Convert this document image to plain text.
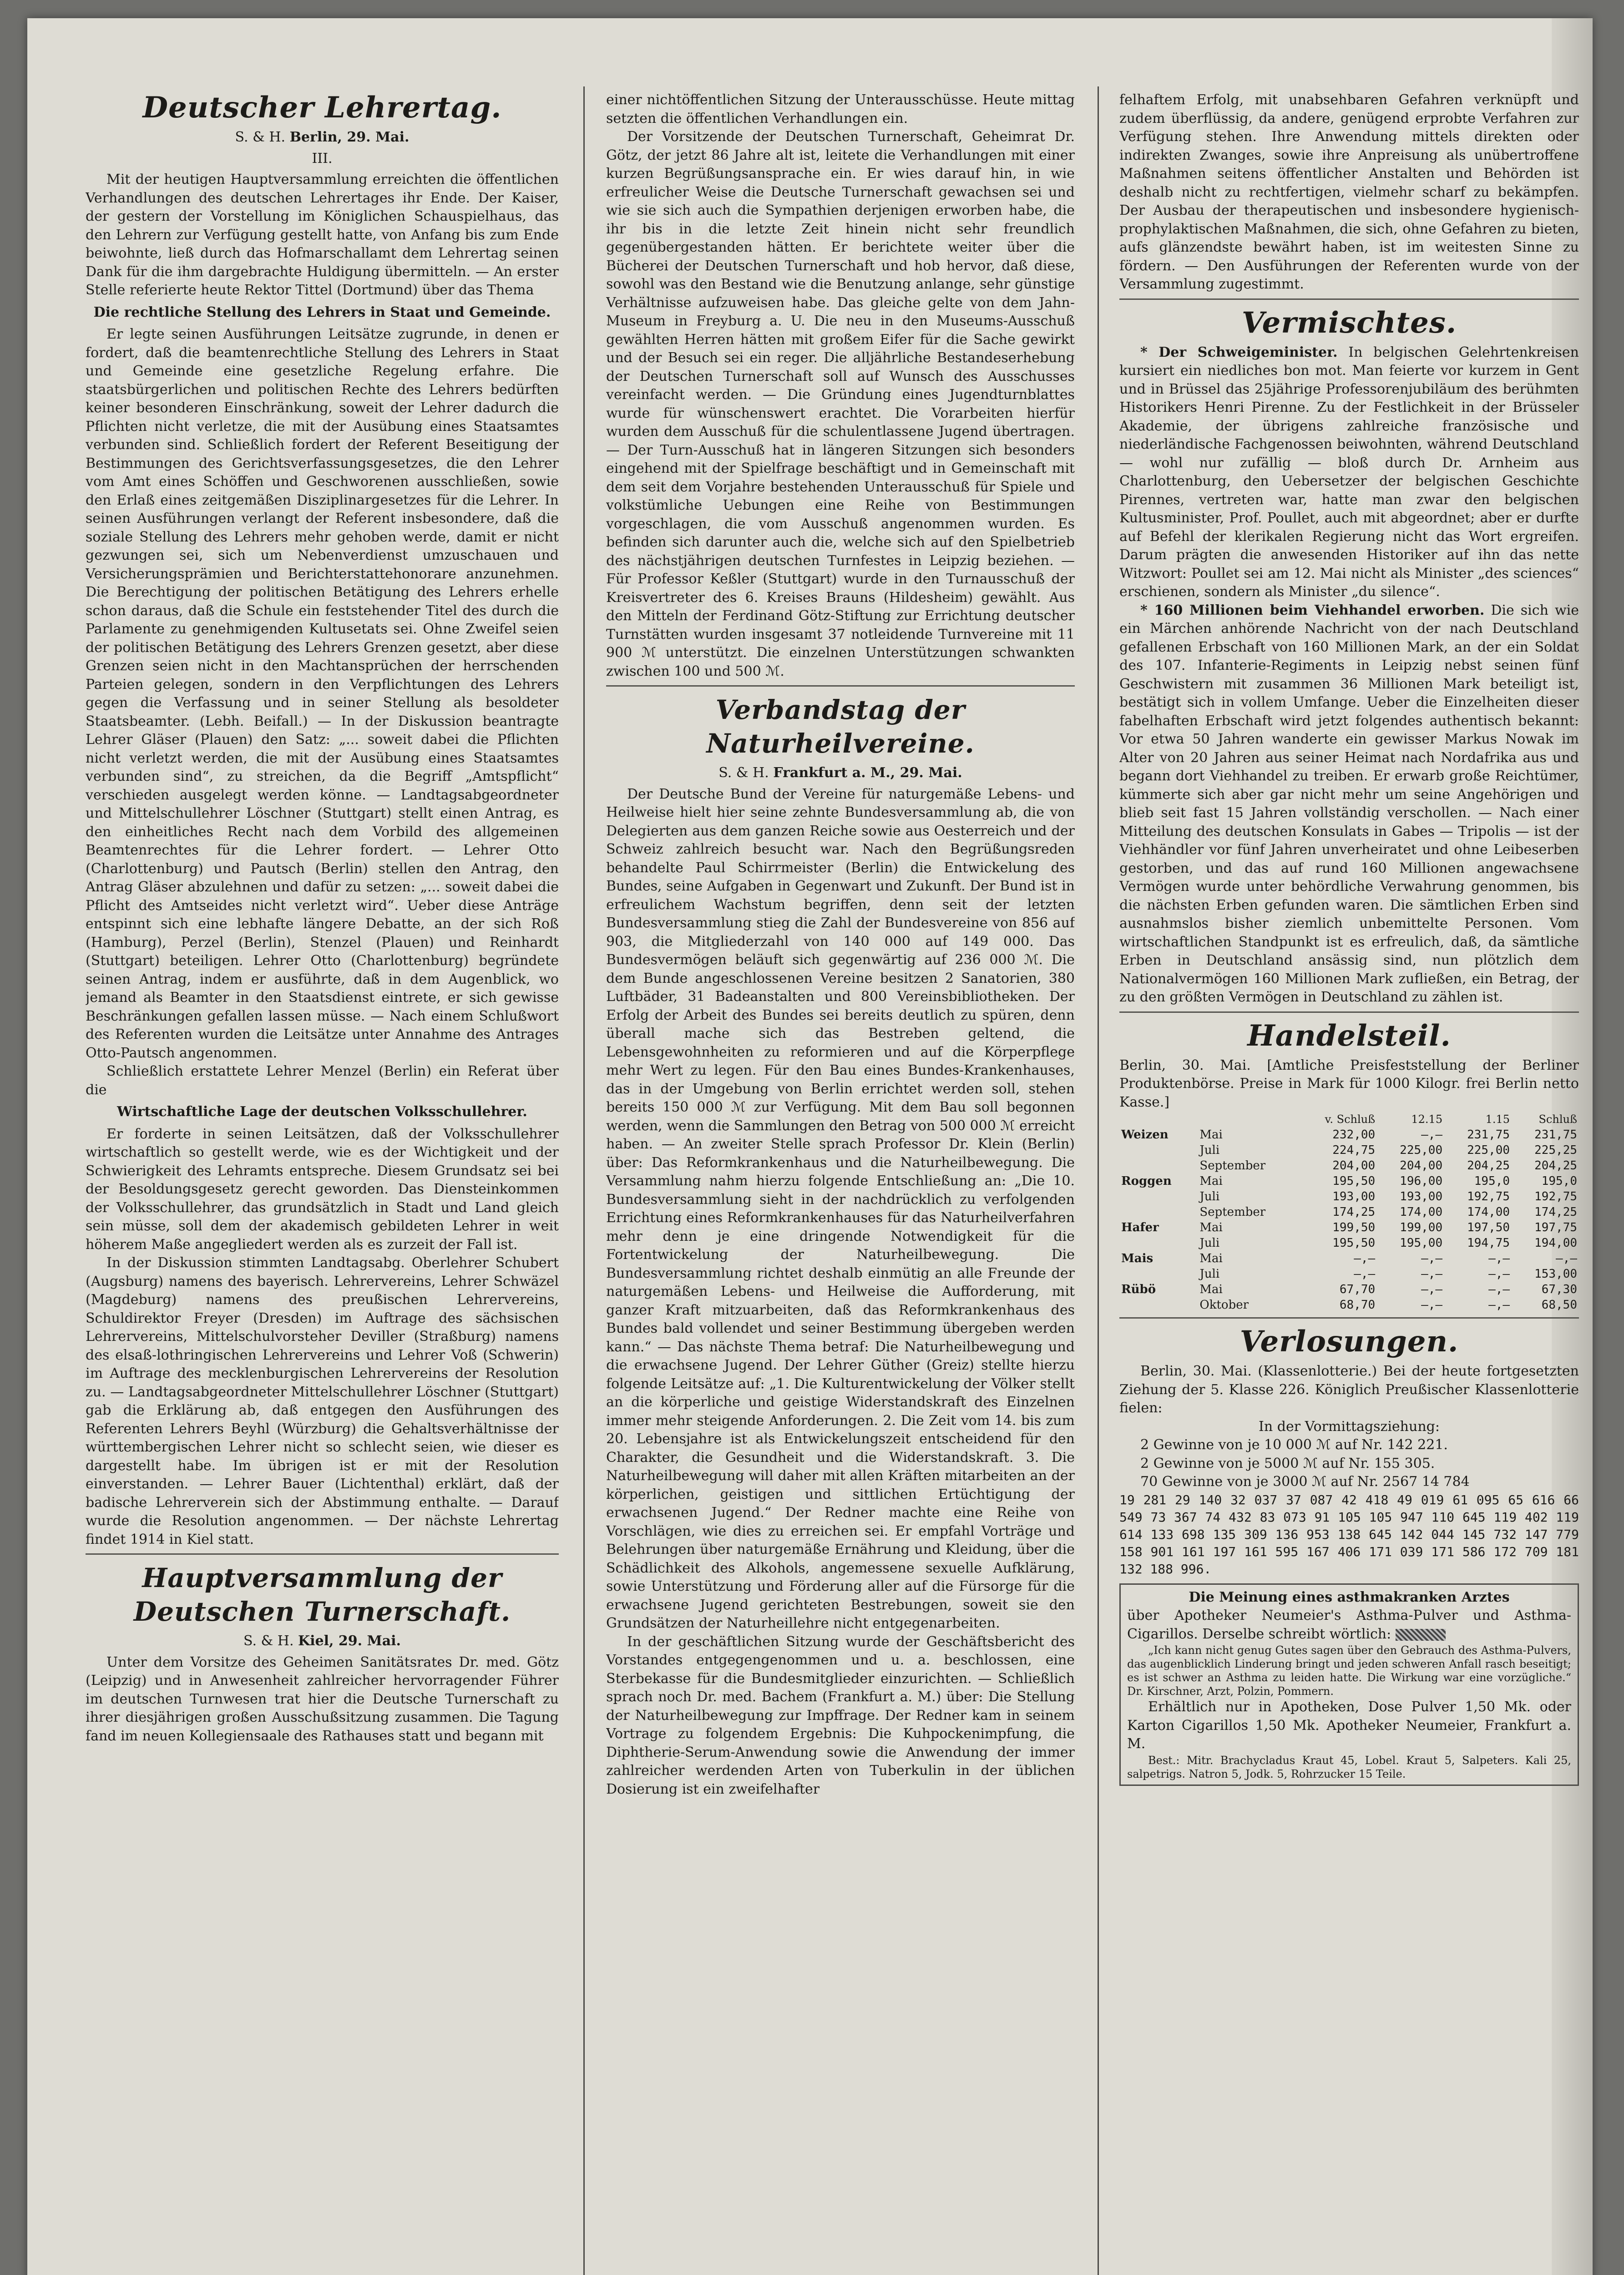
Deutscher Lehrertag.
S. & H. Berlin, 29. Mai.
III.

Mit der heutigen Hauptversammlung erreichten die öffentlichen Verhandlungen des deutschen Lehrertages ihr Ende. Der Kaiser, der gestern der Vorstellung im Königlichen Schauspielhaus, das den Lehrern zur Verfügung gestellt hatte, von Anfang bis zum Ende beiwohnte, ließ durch das Hofmarschallamt dem Lehrertag seinen Dank für die ihm dargebrachte Huldigung übermitteln. — An erster Stelle referierte heute Rektor Tittel (Dortmund) über das Thema

Die rechtliche Stellung des Lehrers in Staat und Gemeinde.

Er legte seinen Ausführungen Leitsätze zugrunde, in denen er fordert, daß die beamtenrechtliche Stellung des Lehrers in Staat und Gemeinde eine gesetzliche Regelung erfahre. Die staatsbürgerlichen und politischen Rechte des Lehrers bedürften keiner besonderen Einschränkung, soweit der Lehrer dadurch die Pflichten nicht verletze, die mit der Ausübung eines Staatsamtes verbunden sind. Schließlich fordert der Referent Beseitigung der Bestimmungen des Gerichtsverfassungsgesetzes, die den Lehrer vom Amt eines Schöffen und Geschworenen ausschließen, sowie den Erlaß eines zeitgemäßen Disziplinargesetzes für die Lehrer. In seinen Ausführungen verlangt der Referent insbesondere, daß die soziale Stellung des Lehrers mehr gehoben werde, damit er nicht gezwungen sei, sich um Nebenverdienst umzuschauen und Versicherungsprämien und Berichterstattehonorare anzunehmen. Die Berechtigung der politischen Betätigung des Lehrers erhelle schon daraus, daß die Schule ein feststehender Titel des durch die Parlamente zu genehmigenden Kultusetats sei. Ohne Zweifel seien der politischen Betätigung des Lehrers Grenzen gesetzt, aber diese Grenzen seien nicht in den Machtansprüchen der herrschenden Parteien gelegen, sondern in den Verpflichtungen des Lehrers gegen die Verfassung und in seiner Stellung als besoldeter Staatsbeamter. (Lebh. Beifall.) — In der Diskussion beantragte Lehrer Gläser (Plauen) den Satz: „... soweit dabei die Pflichten nicht verletzt werden, die mit der Ausübung eines Staatsamtes verbunden sind“, zu streichen, da die Begriff „Amtspflicht“ verschieden ausgelegt werden könne. — Landtagsabgeordneter und Mittelschullehrer Löschner (Stuttgart) stellt einen Antrag, es den einheitliches Recht nach dem Vorbild des allgemeinen Beamtenrechtes für die Lehrer fordert. — Lehrer Otto (Charlottenburg) und Pautsch (Berlin) stellen den Antrag, den Antrag Gläser abzulehnen und dafür zu setzen: „... soweit dabei die Pflicht des Amtseides nicht verletzt wird“. Ueber diese Anträge entspinnt sich eine lebhafte längere Debatte, an der sich Roß (Hamburg), Perzel (Berlin), Stenzel (Plauen) und Reinhardt (Stuttgart) beteiligen. Lehrer Otto (Charlottenburg) begründete seinen Antrag, indem er ausführte, daß in dem Augenblick, wo jemand als Beamter in den Staatsdienst eintrete, er sich gewisse Beschränkungen gefallen lassen müsse. — Nach einem Schlußwort des Referenten wurden die Leitsätze unter Annahme des Antrages Otto-Pautsch angenommen.

Schließlich erstattete Lehrer Menzel (Berlin) ein Referat über die

Wirtschaftliche Lage der deutschen Volksschullehrer.

Er forderte in seinen Leitsätzen, daß der Volksschullehrer wirtschaftlich so gestellt werde, wie es der Wichtigkeit und der Schwierigkeit des Lehramts entspreche. Diesem Grundsatz sei bei der Besoldungsgesetz gerecht geworden. Das Diensteinkommen der Volksschullehrer, das grundsätzlich in Stadt und Land gleich sein müsse, soll dem der akademisch gebildeten Lehrer in weit höherem Maße angegliedert werden als es zurzeit der Fall ist.

In der Diskussion stimmten Landtagsabg. Oberlehrer Schubert (Augsburg) namens des bayerisch. Lehrervereins, Lehrer Schwäzel (Magdeburg) namens des preußischen Lehrervereins, Schuldirektor Freyer (Dresden) im Auftrage des sächsischen Lehrervereins, Mittelschulvorsteher Deviller (Straßburg) namens des elsaß-lothringischen Lehrervereins und Lehrer Voß (Schwerin) im Auftrage des mecklenburgischen Lehrervereins der Resolution zu. — Landtagsabgeordneter Mittelschullehrer Löschner (Stuttgart) gab die Erklärung ab, daß entgegen den Ausführungen des Referenten Lehrers Beyhl (Würzburg) die Gehaltsverhältnisse der württembergischen Lehrer nicht so schlecht seien, wie dieser es dargestellt habe. Im übrigen ist er mit der Resolution einverstanden. — Lehrer Bauer (Lichtenthal) erklärt, daß der badische Lehrerverein sich der Abstimmung enthalte. — Darauf wurde die Resolution angenommen. — Der nächste Lehrertag findet 1914 in Kiel statt.

Hauptversammlung der Deutschen Turnerschaft.
S. & H. Kiel, 29. Mai.

Unter dem Vorsitze des Geheimen Sanitätsrates Dr. med. Götz (Leipzig) und in Anwesenheit zahlreicher hervorragender Führer im deutschen Turnwesen trat hier die Deutsche Turnerschaft zu ihrer diesjährigen großen Ausschußsitzung zusammen. Die Tagung fand im neuen Kollegiensaale des Rathauses statt und begann mit

einer nichtöffentlichen Sitzung der Unterausschüsse. Heute mittag setzten die öffentlichen Verhandlungen ein.

Der Vorsitzende der Deutschen Turnerschaft, Geheimrat Dr. Götz, der jetzt 86 Jahre alt ist, leitete die Verhandlungen mit einer kurzen Begrüßungsansprache ein. Er wies darauf hin, in wie erfreulicher Weise die Deutsche Turnerschaft gewachsen sei und wie sie sich auch die Sympathien derjenigen erworben habe, die ihr bis in die letzte Zeit hinein nicht sehr freundlich gegenübergestanden hätten. Er berichtete weiter über die Bücherei der Deutschen Turnerschaft und hob hervor, daß diese, sowohl was den Bestand wie die Benutzung anlange, sehr günstige Verhältnisse aufzuweisen habe. Das gleiche gelte von dem Jahn-Museum in Freyburg a. U. Die neu in den Museums-Ausschuß gewählten Herren hätten mit großem Eifer für die Sache gewirkt und der Besuch sei ein reger. Die alljährliche Bestandeserhebung der Deutschen Turnerschaft soll auf Wunsch des Ausschusses vereinfacht werden. — Die Gründung eines Jugendturnblattes wurde für wünschenswert erachtet. Die Vorarbeiten hierfür wurden dem Ausschuß für die schulentlassene Jugend übertragen. — Der Turn-Ausschuß hat in längeren Sitzungen sich besonders eingehend mit der Spielfrage beschäftigt und in Gemeinschaft mit dem seit dem Vorjahre bestehenden Unterausschuß für Spiele und volkstümliche Uebungen eine Reihe von Bestimmungen vorgeschlagen, die vom Ausschuß angenommen wurden. Es befinden sich darunter auch die, welche sich auf den Spielbetrieb des nächstjährigen deutschen Turnfestes in Leipzig beziehen. — Für Professor Keßler (Stuttgart) wurde in den Turnausschuß der Kreisvertreter des 6. Kreises Brauns (Hildesheim) gewählt. Aus den Mitteln der Ferdinand Götz-Stiftung zur Errichtung deutscher Turnstätten wurden insgesamt 37 notleidende Turnvereine mit 11 900 ℳ unterstützt. Die einzelnen Unterstützungen schwankten zwischen 100 und 500 ℳ.

Verbandstag der Naturheilvereine.
S. & H. Frankfurt a. M., 29. Mai.

Der Deutsche Bund der Vereine für naturgemäße Lebens- und Heilweise hielt hier seine zehnte Bundesversammlung ab, die von Delegierten aus dem ganzen Reiche sowie aus Oesterreich und der Schweiz zahlreich besucht war. Nach den Begrüßungsreden behandelte Paul Schirrmeister (Berlin) die Entwickelung des Bundes, seine Aufgaben in Gegenwart und Zukunft. Der Bund ist in erfreulichem Wachstum begriffen, denn seit der letzten Bundesversammlung stieg die Zahl der Bundesvereine von 856 auf 903, die Mitgliederzahl von 140 000 auf 149 000. Das Bundesvermögen beläuft sich gegenwärtig auf 236 000 ℳ. Die dem Bunde angeschlossenen Vereine besitzen 2 Sanatorien, 380 Luftbäder, 31 Badeanstalten und 800 Vereinsbibliotheken. Der Erfolg der Arbeit des Bundes sei bereits deutlich zu spüren, denn überall mache sich das Bestreben geltend, die Lebensgewohnheiten zu reformieren und auf die Körperpflege mehr Wert zu legen. Für den Bau eines Bundes-Krankenhauses, das in der Umgebung von Berlin errichtet werden soll, stehen bereits 150 000 ℳ zur Verfügung. Mit dem Bau soll begonnen werden, wenn die Sammlungen den Betrag von 500 000 ℳ erreicht haben. — An zweiter Stelle sprach Professor Dr. Klein (Berlin) über: Das Reformkrankenhaus und die Naturheilbewegung. Die Versammlung nahm hierzu folgende Entschließung an: „Die 10. Bundesversammlung sieht in der nachdrücklich zu verfolgenden Errichtung eines Reformkrankenhauses für das Naturheilverfahren mehr denn je eine dringende Notwendigkeit für die Fortentwickelung der Naturheilbewegung. Die Bundesversammlung richtet deshalb einmütig an alle Freunde der naturgemäßen Lebens- und Heilweise die Aufforderung, mit ganzer Kraft mitzuarbeiten, daß das Reformkrankenhaus des Bundes bald vollendet und seiner Bestimmung übergeben werden kann.“ — Das nächste Thema betraf: Die Naturheilbewegung und die erwachsene Jugend. Der Lehrer Güther (Greiz) stellte hierzu folgende Leitsätze auf: „1. Die Kulturentwickelung der Völker stellt an die körperliche und geistige Widerstandskraft des Einzelnen immer mehr steigende Anforderungen. 2. Die Zeit vom 14. bis zum 20. Lebensjahre ist als Entwickelungszeit entscheidend für den Charakter, die Gesundheit und die Widerstandskraft. 3. Die Naturheilbewegung will daher mit allen Kräften mitarbeiten an der körperlichen, geistigen und sittlichen Ertüchtigung der erwachsenen Jugend.“ Der Redner machte eine Reihe von Vorschlägen, wie dies zu erreichen sei. Er empfahl Vorträge und Belehrungen über naturgemäße Ernährung und Kleidung, über die Schädlichkeit des Alkohols, angemessene sexuelle Aufklärung, sowie Unterstützung und Förderung aller auf die Fürsorge für die erwachsene Jugend gerichteten Bestrebungen, soweit sie den Grundsätzen der Naturheillehre nicht entgegenarbeiten.

In der geschäftlichen Sitzung wurde der Geschäftsbericht des Vorstandes entgegengenommen und u. a. beschlossen, eine Sterbekasse für die Bundesmitglieder einzurichten. — Schließlich sprach noch Dr. med. Bachem (Frankfurt a. M.) über: Die Stellung der Naturheilbewegung zur Impffrage. Der Redner kam in seinem Vortrage zu folgendem Ergebnis: Die Kuhpockenimpfung, die Diphtherie-Serum-Anwendung sowie die Anwendung der immer zahlreicher werdenden Arten von Tuberkulin in der üblichen Dosierung ist ein zweifelhafter

felhaftem Erfolg, mit unabsehbaren Gefahren verknüpft und zudem überflüssig, da andere, genügend erprobte Verfahren zur Verfügung stehen. Ihre Anwendung mittels direkten oder indirekten Zwanges, sowie ihre Anpreisung als unübertroffene Maßnahmen seitens öffentlicher Anstalten und Behörden ist deshalb nicht zu rechtfertigen, vielmehr scharf zu bekämpfen. Der Ausbau der therapeutischen und insbesondere hygienisch-prophylaktischen Maßnahmen, die sich, ohne Gefahren zu bieten, aufs glänzendste bewährt haben, ist im weitesten Sinne zu fördern. — Den Ausführungen der Referenten wurde von der Versammlung zugestimmt.

Vermischtes.

* Der Schweigeminister. In belgischen Gelehrtenkreisen kursiert ein niedliches bon mot. Man feierte vor kurzem in Gent und in Brüssel das 25jährige Professorenjubiläum des berühmten Historikers Henri Pirenne. Zu der Festlichkeit in der Brüsseler Akademie, der übrigens zahlreiche französische und niederländische Fachgenossen beiwohnten, während Deutschland — wohl nur zufällig — bloß durch Dr. Arnheim aus Charlottenburg, den Uebersetzer der belgischen Geschichte Pirennes, vertreten war, hatte man zwar den belgischen Kultusminister, Prof. Poullet, auch mit abgeordnet; aber er durfte auf Befehl der klerikalen Regierung nicht das Wort ergreifen. Darum prägten die anwesenden Historiker auf ihn das nette Witzwort: Poullet sei am 12. Mai nicht als Minister „des sciences“ erschienen, sondern als Minister „du silence“.

* 160 Millionen beim Viehhandel erworben. Die sich wie ein Märchen anhörende Nachricht von der nach Deutschland gefallenen Erbschaft von 160 Millionen Mark, an der ein Soldat des 107. Infanterie-Regiments in Leipzig nebst seinen fünf Geschwistern mit zusammen 36 Millionen Mark beteiligt ist, bestätigt sich in vollem Umfange. Ueber die Einzelheiten dieser fabelhaften Erbschaft wird jetzt folgendes authentisch bekannt: Vor etwa 50 Jahren wanderte ein gewisser Markus Nowak im Alter von 20 Jahren aus seiner Heimat nach Nordafrika aus und begann dort Viehhandel zu treiben. Er erwarb große Reichtümer, kümmerte sich aber gar nicht mehr um seine Angehörigen und blieb seit fast 15 Jahren vollständig verschollen. — Nach einer Mitteilung des deutschen Konsulats in Gabes — Tripolis — ist der Viehhändler vor fünf Jahren unverheiratet und ohne Leibeserben gestorben, und das auf rund 160 Millionen angewachsene Vermögen wurde unter behördliche Verwahrung genommen, bis die nächsten Erben gefunden waren. Die sämtlichen Erben sind ausnahmslos bisher ziemlich unbemittelte Personen. Vom wirtschaftlichen Standpunkt ist es erfreulich, daß, da sämtliche Erben in Deutschland ansässig sind, nun plötzlich dem Nationalvermögen 160 Millionen Mark zufließen, ein Betrag, der zu den größten Vermögen in Deutschland zu zählen ist.

Handelsteil.

Berlin, 30. Mai. [Amtliche Preisfeststellung der Berliner Produktenbörse. Preise in Mark für 1000 Kilogr. frei Berlin netto Kasse.]

		v. Schluß	12.15	1.15	Schluß
Weizen	Mai	232,00	—,—	231,75	231,75
	Juli	224,75	225,00	225,00	225,25
	September	204,00	204,00	204,25	204,25
Roggen	Mai	195,50	196,00	195,0	195,0
	Juli	193,00	193,00	192,75	192,75
	September	174,25	174,00	174,00	174,25
Hafer	Mai	199,50	199,00	197,50	197,75
	Juli	195,50	195,00	194,75	194,00
Mais	Mai	—,—	—,—	—,—	—,—
	Juli	—,—	—,—	—,—	153,00
Rübö	Mai	67,70	—,—	—,—	67,30
	Oktober	68,70	—,—	—,—	68,50
Verlosungen.

Berlin, 30. Mai. (Klassenlotterie.) Bei der heute fortgesetzten Ziehung der 5. Klasse 226. Königlich Preußischer Klassenlotterie fielen:

In der Vormittagsziehung:

2 Gewinne von je 10 000 ℳ auf Nr. 142 221.

2 Gewinne von je 5000 ℳ auf Nr. 155 305.

70 Gewinne von je 3000 ℳ auf Nr. 2567 14 784

19 281 29 140 32 037 37 087 42 418 49 019 61 095 65 616 66 549 73 367 74 432 83 073 91 105 105 947 110 645 119 402 119 614 133 698 135 309 136 953 138 645 142 044 145 732 147 779 158 901 161 197 161 595 167 406 171 039 171 586 172 709 181 132 188 996.
Die Meinung eines asthmakranken Arztes

über Apotheker Neumeier's Asthma-Pulver und Asthma-Cigarillos. Derselbe schreibt wörtlich:

„Ich kann nicht genug Gutes sagen über den Gebrauch des Asthma-Pulvers, das augenblicklich Linderung bringt und jeden schweren Anfall rasch beseitigt; es ist schwer an Asthma zu leiden hatte. Die Wirkung war eine vorzügliche.“ Dr. Kirschner, Arzt, Polzin, Pommern.

Erhältlich nur in Apotheken, Dose Pulver 1,50 Mk. oder Karton Cigarillos 1,50 Mk. Apotheker Neumeier, Frankfurt a. M.

Best.: Mitr. Brachycladus Kraut 45, Lobel. Kraut 5, Salpeters. Kali 25, salpetrigs. Natron 5, Jodk. 5, Rohrzucker 15 Teile.
